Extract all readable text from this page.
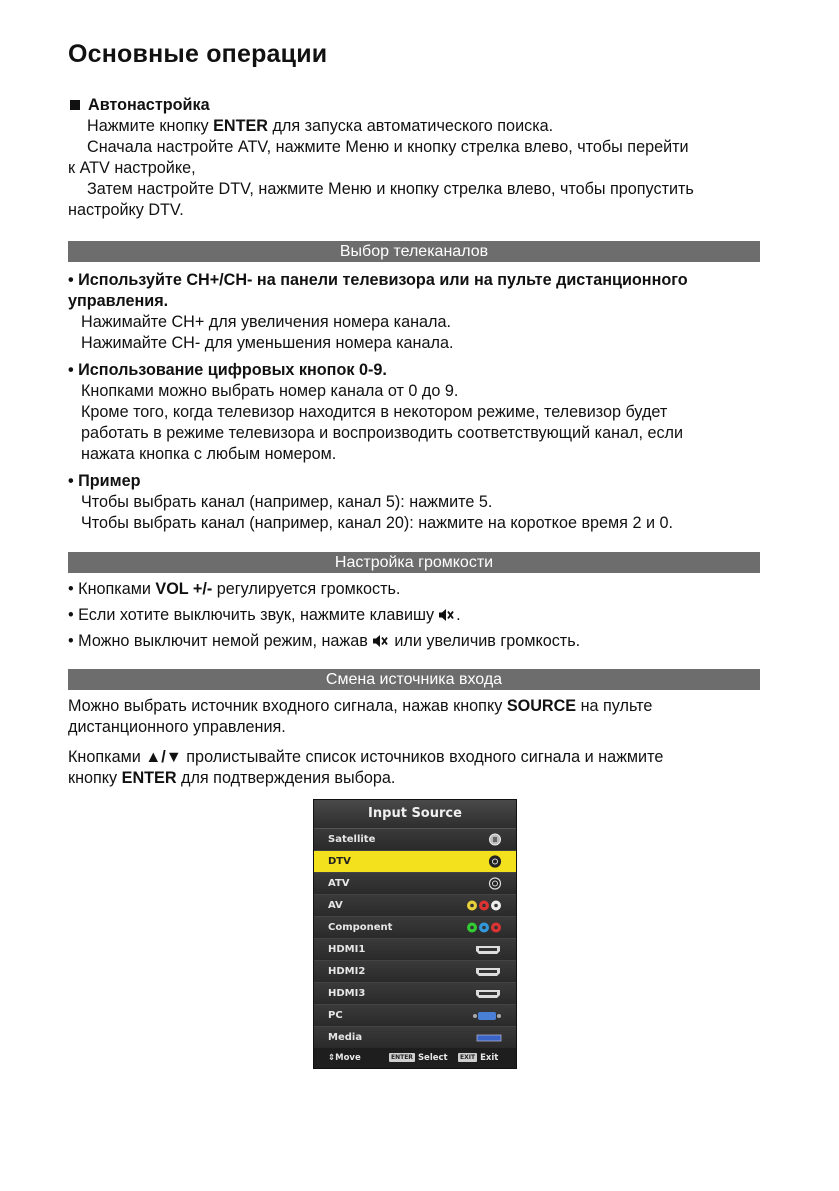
Основные операции

Автонастройка

Нажмите кнопку ENTER для запуска автоматического поиска.

Сначала настройте ATV, нажмите Меню и кнопку стрелка влево, чтобы перейти

к ATV настройке,

Затем настройте DTV, нажмите Меню и кнопку стрелка влево, чтобы пропустить

настройку DTV.

Выбор телеканалов

• Используйте CH+/CH- на панели телевизора или на пульте дистанционного

управления.

Нажимайте CH+ для увеличения номера канала.

Нажимайте CH- для уменьшения номера канала.

• Использование цифровых кнопок 0-9.

Кнопками можно выбрать номер канала от 0 до 9.

Кроме того, когда телевизор находится в некотором режиме, телевизор будет

работать в режиме телевизора и воспроизводить соответствующий канал, если

нажата кнопка с любым номером.

• Пример

Чтобы выбрать канал (например, канал 5): нажмите 5.

Чтобы выбрать канал (например, канал 20): нажмите на короткое время 2 и 0.

Настройка громкости

• Кнопками VOL +/- регулируется громкость.

• Если хотите выключить звук, нажмите клавишу .

• Можно выключит немой режим, нажав или увеличив громкость.

Смена источника входа

Можно выбрать источник входного сигнала, нажав кнопку SOURCE на пульте

дистанционного управления.

Кнопками ▲/▼ пролистывайте список источников входного сигнала и нажмите

кнопку ENTER для подтверждения выбора.

Input Source
Satellite
DTV
ATV
AV
Component
HDMI1
HDMI2
HDMI3
PC
Media
⇕Move	ENTER Select	EXIT Exit
